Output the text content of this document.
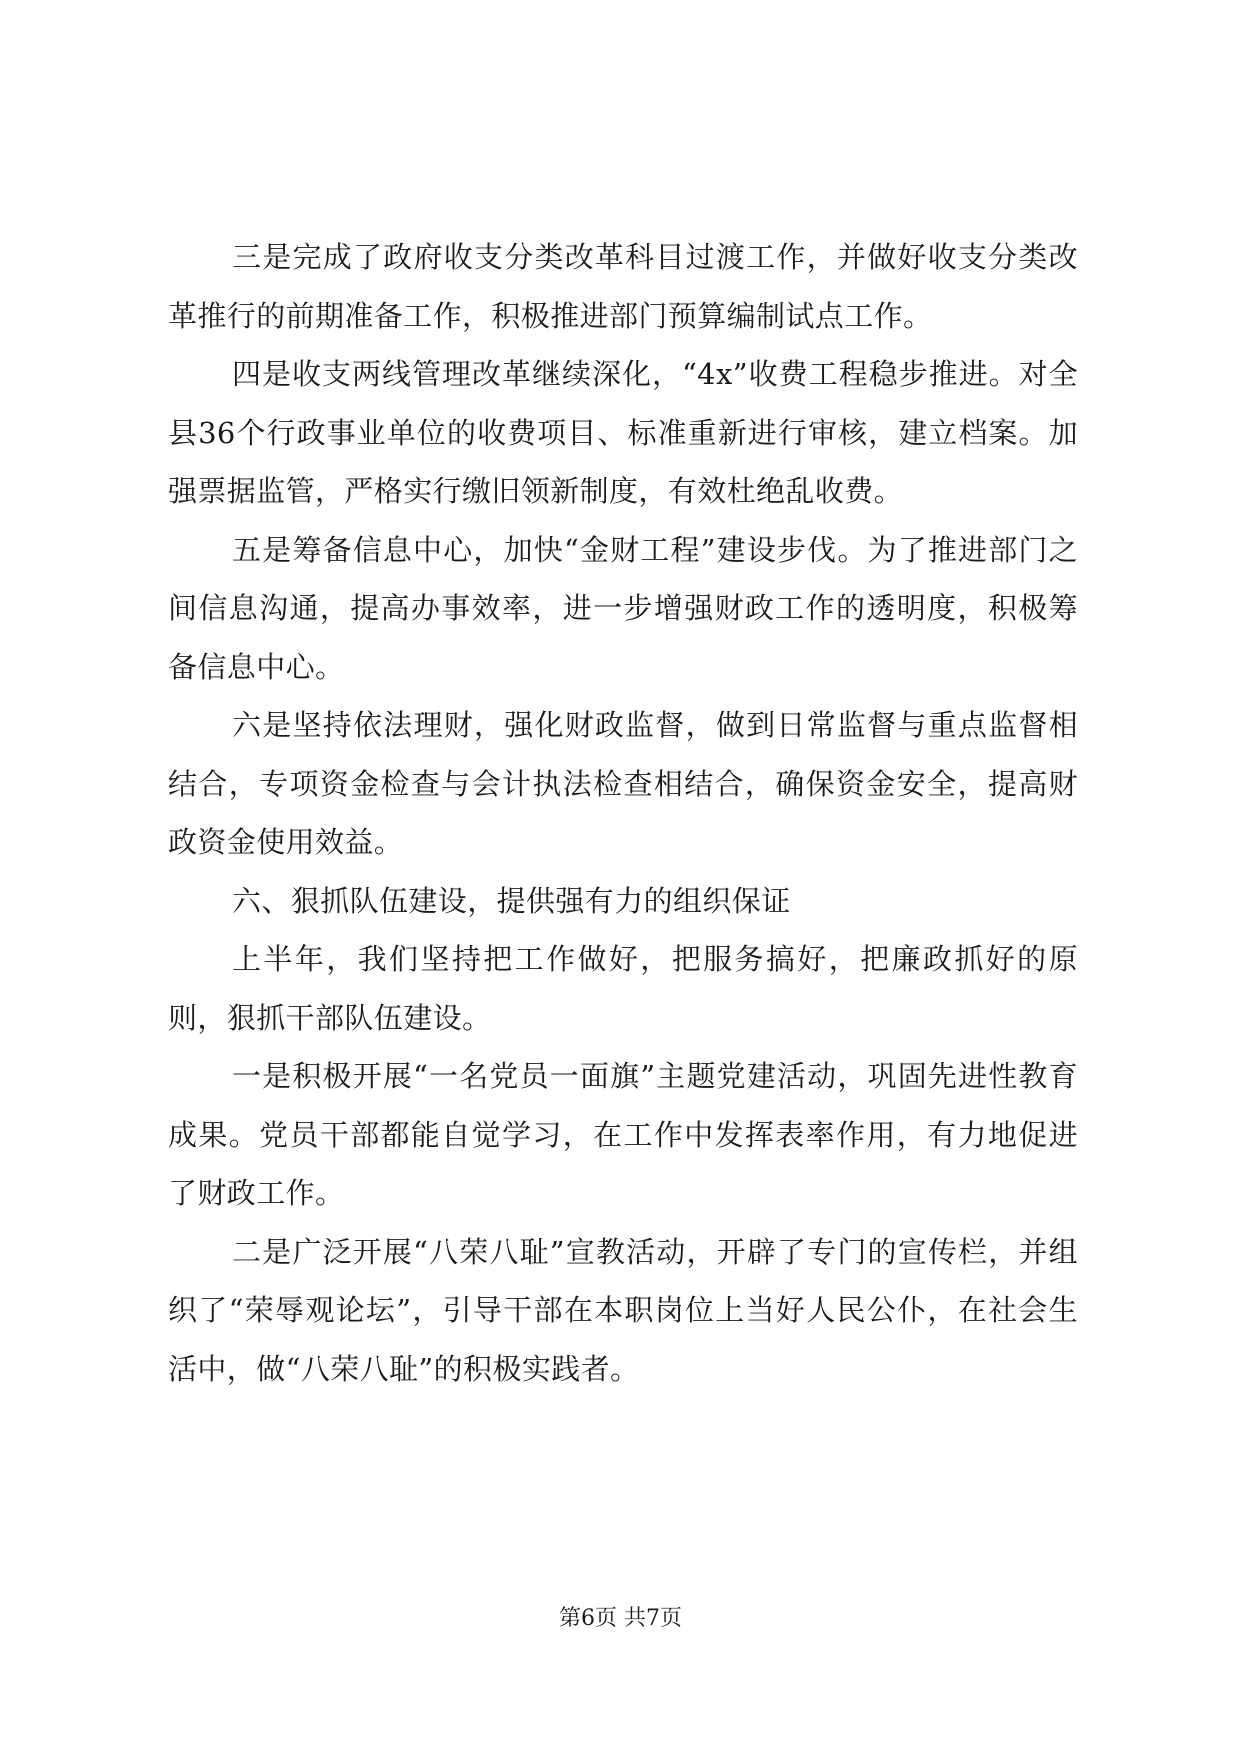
三是完成了政府收支分类改革科目过渡工作，并做好收支分类改革推行的前期准备工作，积极推进部门预算编制试点工作。

四是收支两线管理改革继续深化，“4x”收费工程稳步推进。对全县36个行政事业单位的收费项目、标准重新进行审核，建立档案。加强票据监管，严格实行缴旧领新制度，有效杜绝乱收费。

五是筹备信息中心，加快“金财工程”建设步伐。为了推进部门之间信息沟通，提高办事效率，进一步增强财政工作的透明度，积极筹备信息中心。

六是坚持依法理财，强化财政监督，做到日常监督与重点监督相结合，专项资金检查与会计执法检查相结合，确保资金安全，提高财政资金使用效益。

六、狠抓队伍建设，提供强有力的组织保证

上半年，我们坚持把工作做好，把服务搞好，把廉政抓好的原则，狠抓干部队伍建设。

一是积极开展“一名党员一面旗”主题党建活动，巩固先进性教育成果。党员干部都能自觉学习，在工作中发挥表率作用，有力地促进了财政工作。

二是广泛开展“八荣八耻”宣教活动，开辟了专门的宣传栏，并组织了“荣辱观论坛”，引导干部在本职岗位上当好人民公仆，在社会生活中，做“八荣八耻”的积极实践者。

第6页 共7页
